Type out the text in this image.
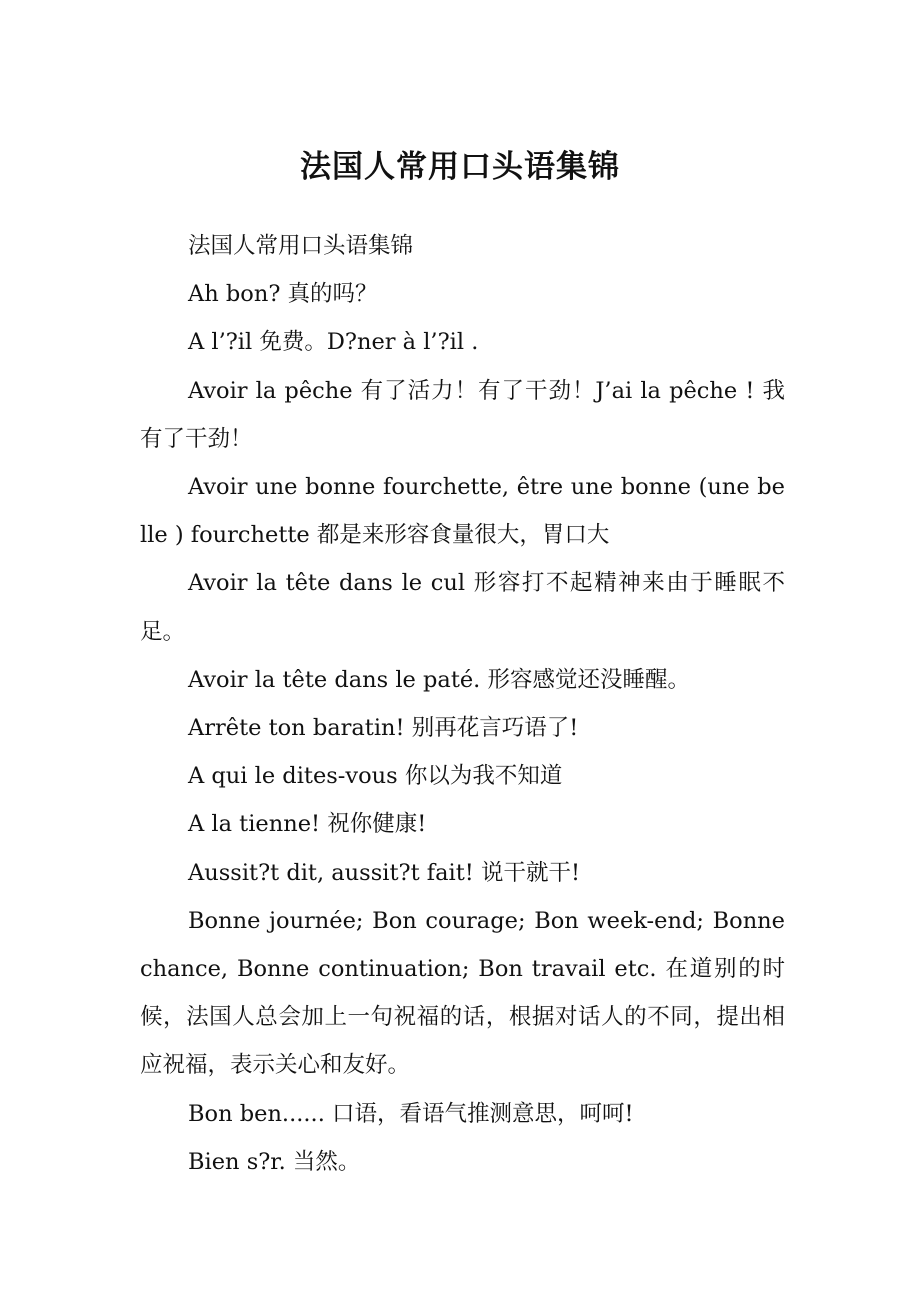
法国人常用口头语集锦

法国人常用口头语集锦

Ah bon? 真的吗？

A l’?il 免费。D?ner à l’?il .

Avoir la pêche 有了活力！有了干劲！J’ai la pêche ! 我有了干劲！

Avoir une bonne fourchette, être une bonne (une belle ) fourchette 都是来形容食量很大，胃口大

Avoir la tête dans le cul 形容打不起精神来由于睡眠不足。

Avoir la tête dans le paté. 形容感觉还没睡醒。

Arrête ton baratin! 别再花言巧语了!

A qui le dites-vous 你以为我不知道

A la tienne! 祝你健康!

Aussit?t dit, aussit?t fait! 说干就干!

Bonne journée; Bon courage; Bon week-end; Bonne chance, Bonne continuation; Bon travail etc. 在道别的时候，法国人总会加上一句祝福的话，根据对话人的不同，提出相应祝福，表示关心和友好。

Bon ben...... 口语，看语气推测意思，呵呵!

Bien s?r. 当然。
